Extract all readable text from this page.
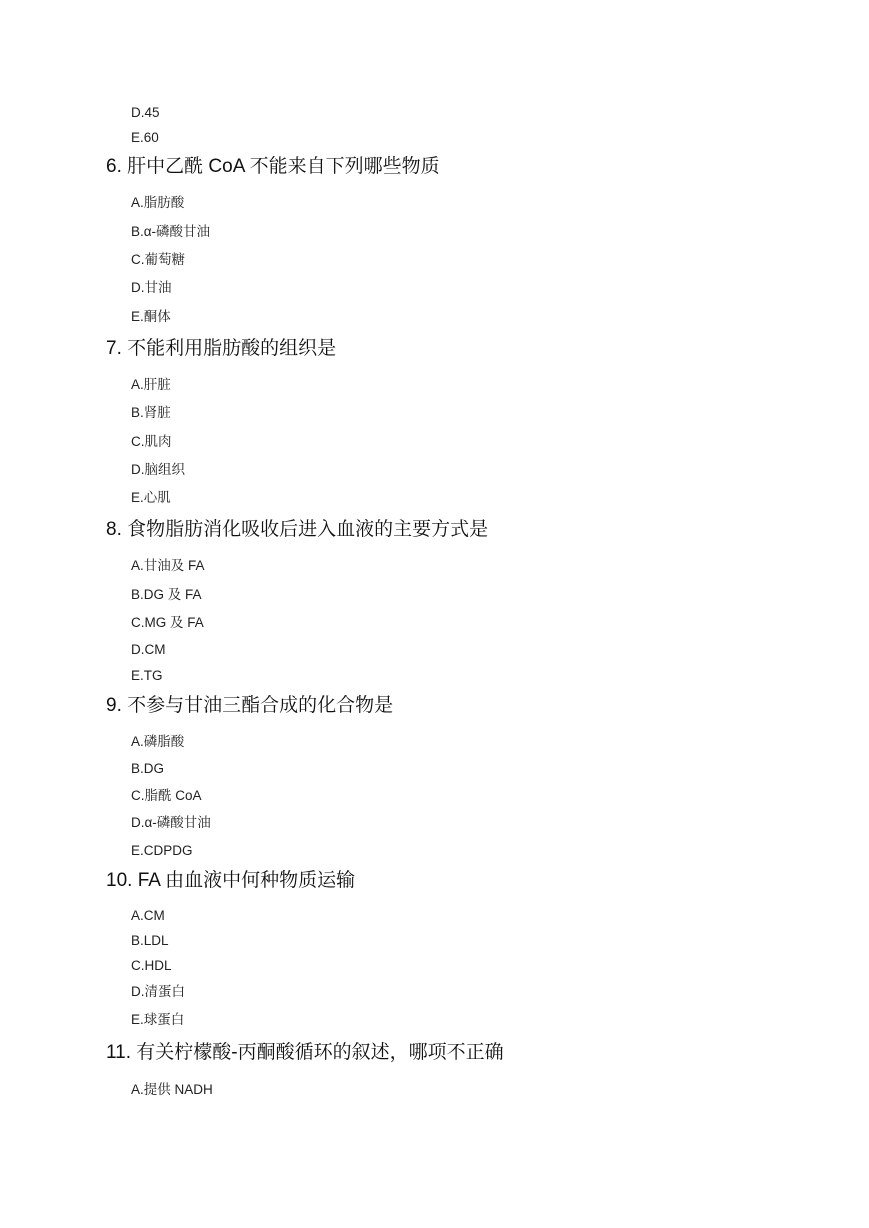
D.45
E.60
6. 肝中乙酰 CoA 不能来自下列哪些物质
A.脂肪酸
B.α-磷酸甘油
C.葡萄糖
D.甘油
E.酮体
7. 不能利用脂肪酸的组织是
A.肝脏
B.肾脏
C.肌肉
D.脑组织
E.心肌
8. 食物脂肪消化吸收后进入血液的主要方式是
A.甘油及 FA
B.DG 及 FA
C.MG 及 FA
D.CM
E.TG
9. 不参与甘油三酯合成的化合物是
A.磷脂酸
B.DG
C.脂酰 CoA
D.α-磷酸甘油
E.CDPDG
10. FA 由血液中何种物质运输
A.CM
B.LDL
C.HDL
D.清蛋白
E.球蛋白
11. 有关柠檬酸-丙酮酸循环的叙述，哪项不正确
A.提供 NADH
